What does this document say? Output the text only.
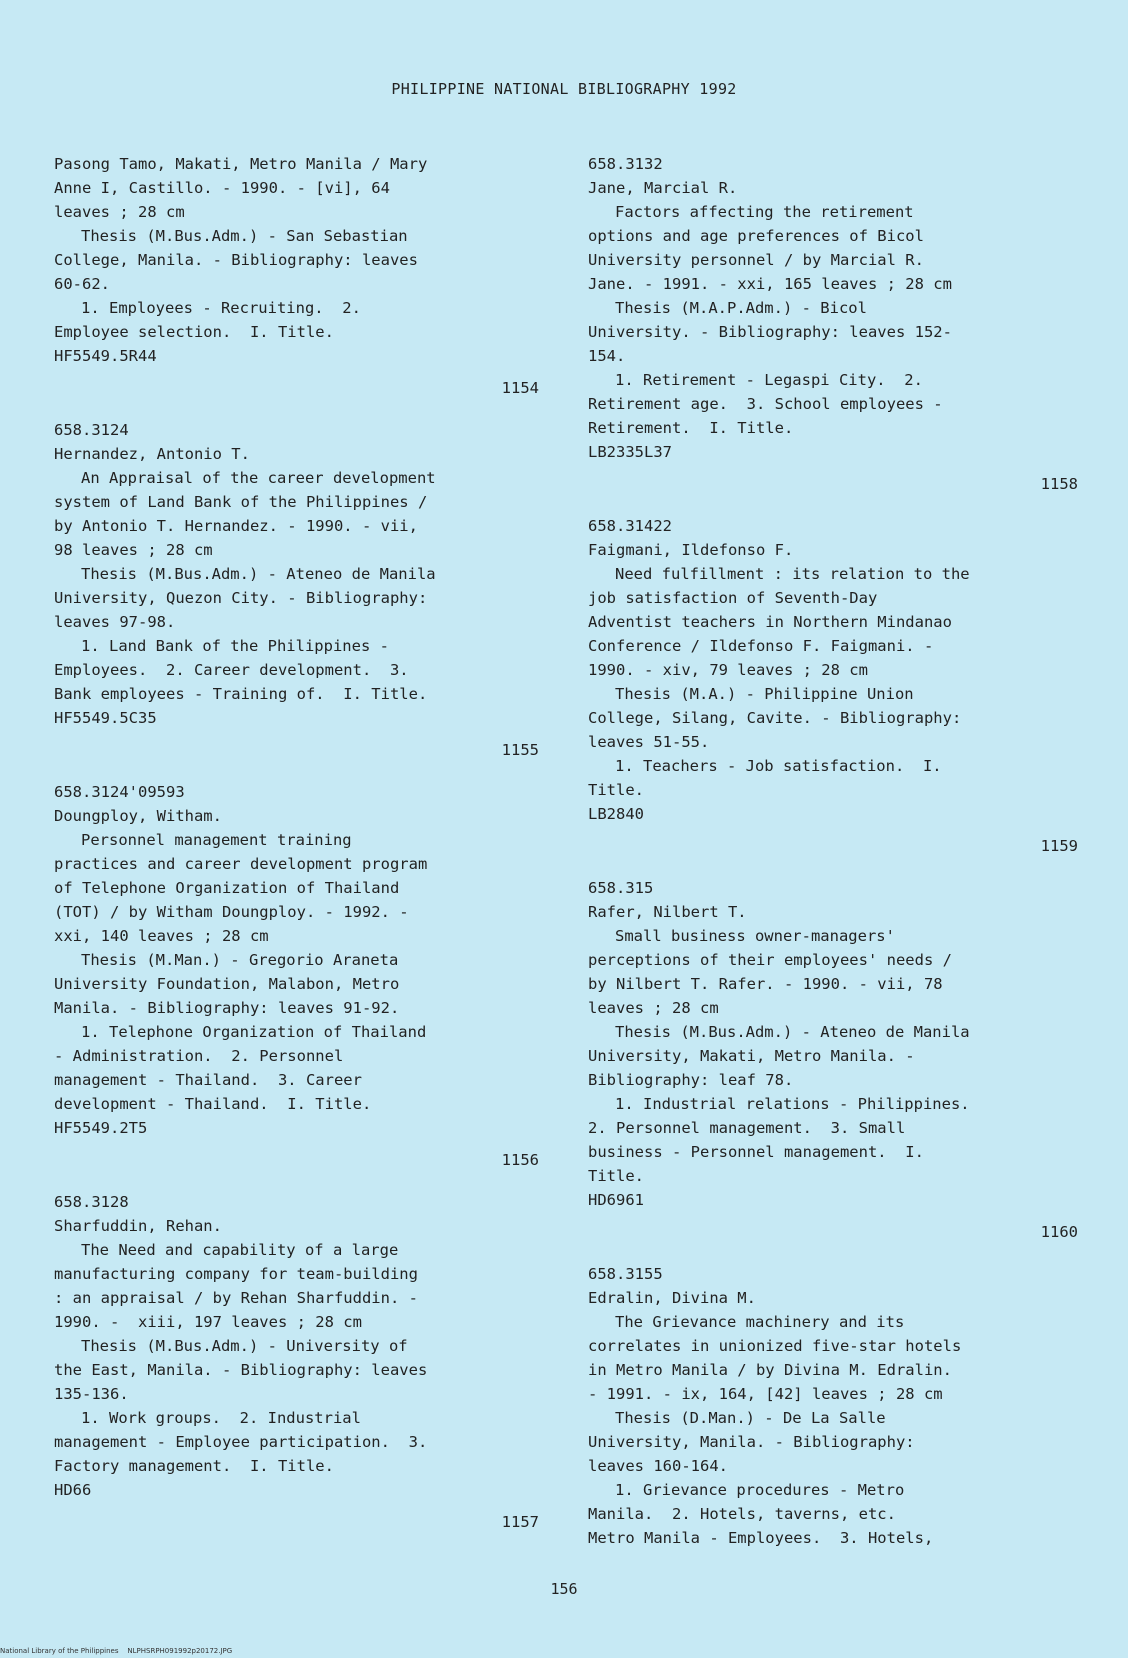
PHILIPPINE NATIONAL BIBLIOGRAPHY 1992
Pasong Tamo, Makati, Metro Manila / Mary
Anne I, Castillo. - 1990. - [vi], 64
leaves ; 28 cm
Thesis (M.Bus.Adm.) - San Sebastian
College, Manila. - Bibliography: leaves
60-62.
1. Employees - Recruiting.  2.
Employee selection.  I. Title.
HF5549.5R44
1154
658.3124
Hernandez, Antonio T.
An Appraisal of the career development
system of Land Bank of the Philippines /
by Antonio T. Hernandez. - 1990. - vii,
98 leaves ; 28 cm
Thesis (M.Bus.Adm.) - Ateneo de Manila
University, Quezon City. - Bibliography:
leaves 97-98.
1. Land Bank of the Philippines -
Employees.  2. Career development.  3.
Bank employees - Training of.  I. Title.
HF5549.5C35
1155
658.3124'09593
Doungploy, Witham.
Personnel management training
practices and career development program
of Telephone Organization of Thailand
(TOT) / by Witham Doungploy. - 1992. -
xxi, 140 leaves ; 28 cm
Thesis (M.Man.) - Gregorio Araneta
University Foundation, Malabon, Metro
Manila. - Bibliography: leaves 91-92.
1. Telephone Organization of Thailand
- Administration.  2. Personnel
management - Thailand.  3. Career
development - Thailand.  I. Title.
HF5549.2T5
1156
658.3128
Sharfuddin, Rehan.
The Need and capability of a large
manufacturing company for team-building
: an appraisal / by Rehan Sharfuddin. -
1990. -  xiii, 197 leaves ; 28 cm
Thesis (M.Bus.Adm.) - University of
the East, Manila. - Bibliography: leaves
135-136.
1. Work groups.  2. Industrial
management - Employee participation.  3.
Factory management.  I. Title.
HD66
1157
658.3132
Jane, Marcial R.
Factors affecting the retirement
options and age preferences of Bicol
University personnel / by Marcial R.
Jane. - 1991. - xxi, 165 leaves ; 28 cm
Thesis (M.A.P.Adm.) - Bicol
University. - Bibliography: leaves 152-
154.
1. Retirement - Legaspi City.  2.
Retirement age.  3. School employees -
Retirement.  I. Title.
LB2335L37
1158
658.31422
Faigmani, Ildefonso F.
Need fulfillment : its relation to the
job satisfaction of Seventh-Day
Adventist teachers in Northern Mindanao
Conference / Ildefonso F. Faigmani. -
1990. - xiv, 79 leaves ; 28 cm
Thesis (M.A.) - Philippine Union
College, Silang, Cavite. - Bibliography:
leaves 51-55.
1. Teachers - Job satisfaction.  I.
Title.
LB2840
1159
658.315
Rafer, Nilbert T.
Small business owner-managers'
perceptions of their employees' needs /
by Nilbert T. Rafer. - 1990. - vii, 78
leaves ; 28 cm
Thesis (M.Bus.Adm.) - Ateneo de Manila
University, Makati, Metro Manila. -
Bibliography: leaf 78.
1. Industrial relations - Philippines.
2. Personnel management.  3. Small
business - Personnel management.  I.
Title.
HD6961
1160
658.3155
Edralin, Divina M.
The Grievance machinery and its
correlates in unionized five-star hotels
in Metro Manila / by Divina M. Edralin.
- 1991. - ix, 164, [42] leaves ; 28 cm
Thesis (D.Man.) - De La Salle
University, Manila. - Bibliography:
leaves 160-164.
1. Grievance procedures - Metro
Manila.  2. Hotels, taverns, etc.
Metro Manila - Employees.  3. Hotels,
156
National Library of the Philippines    NLPHSRPH091992p20172.JPG
